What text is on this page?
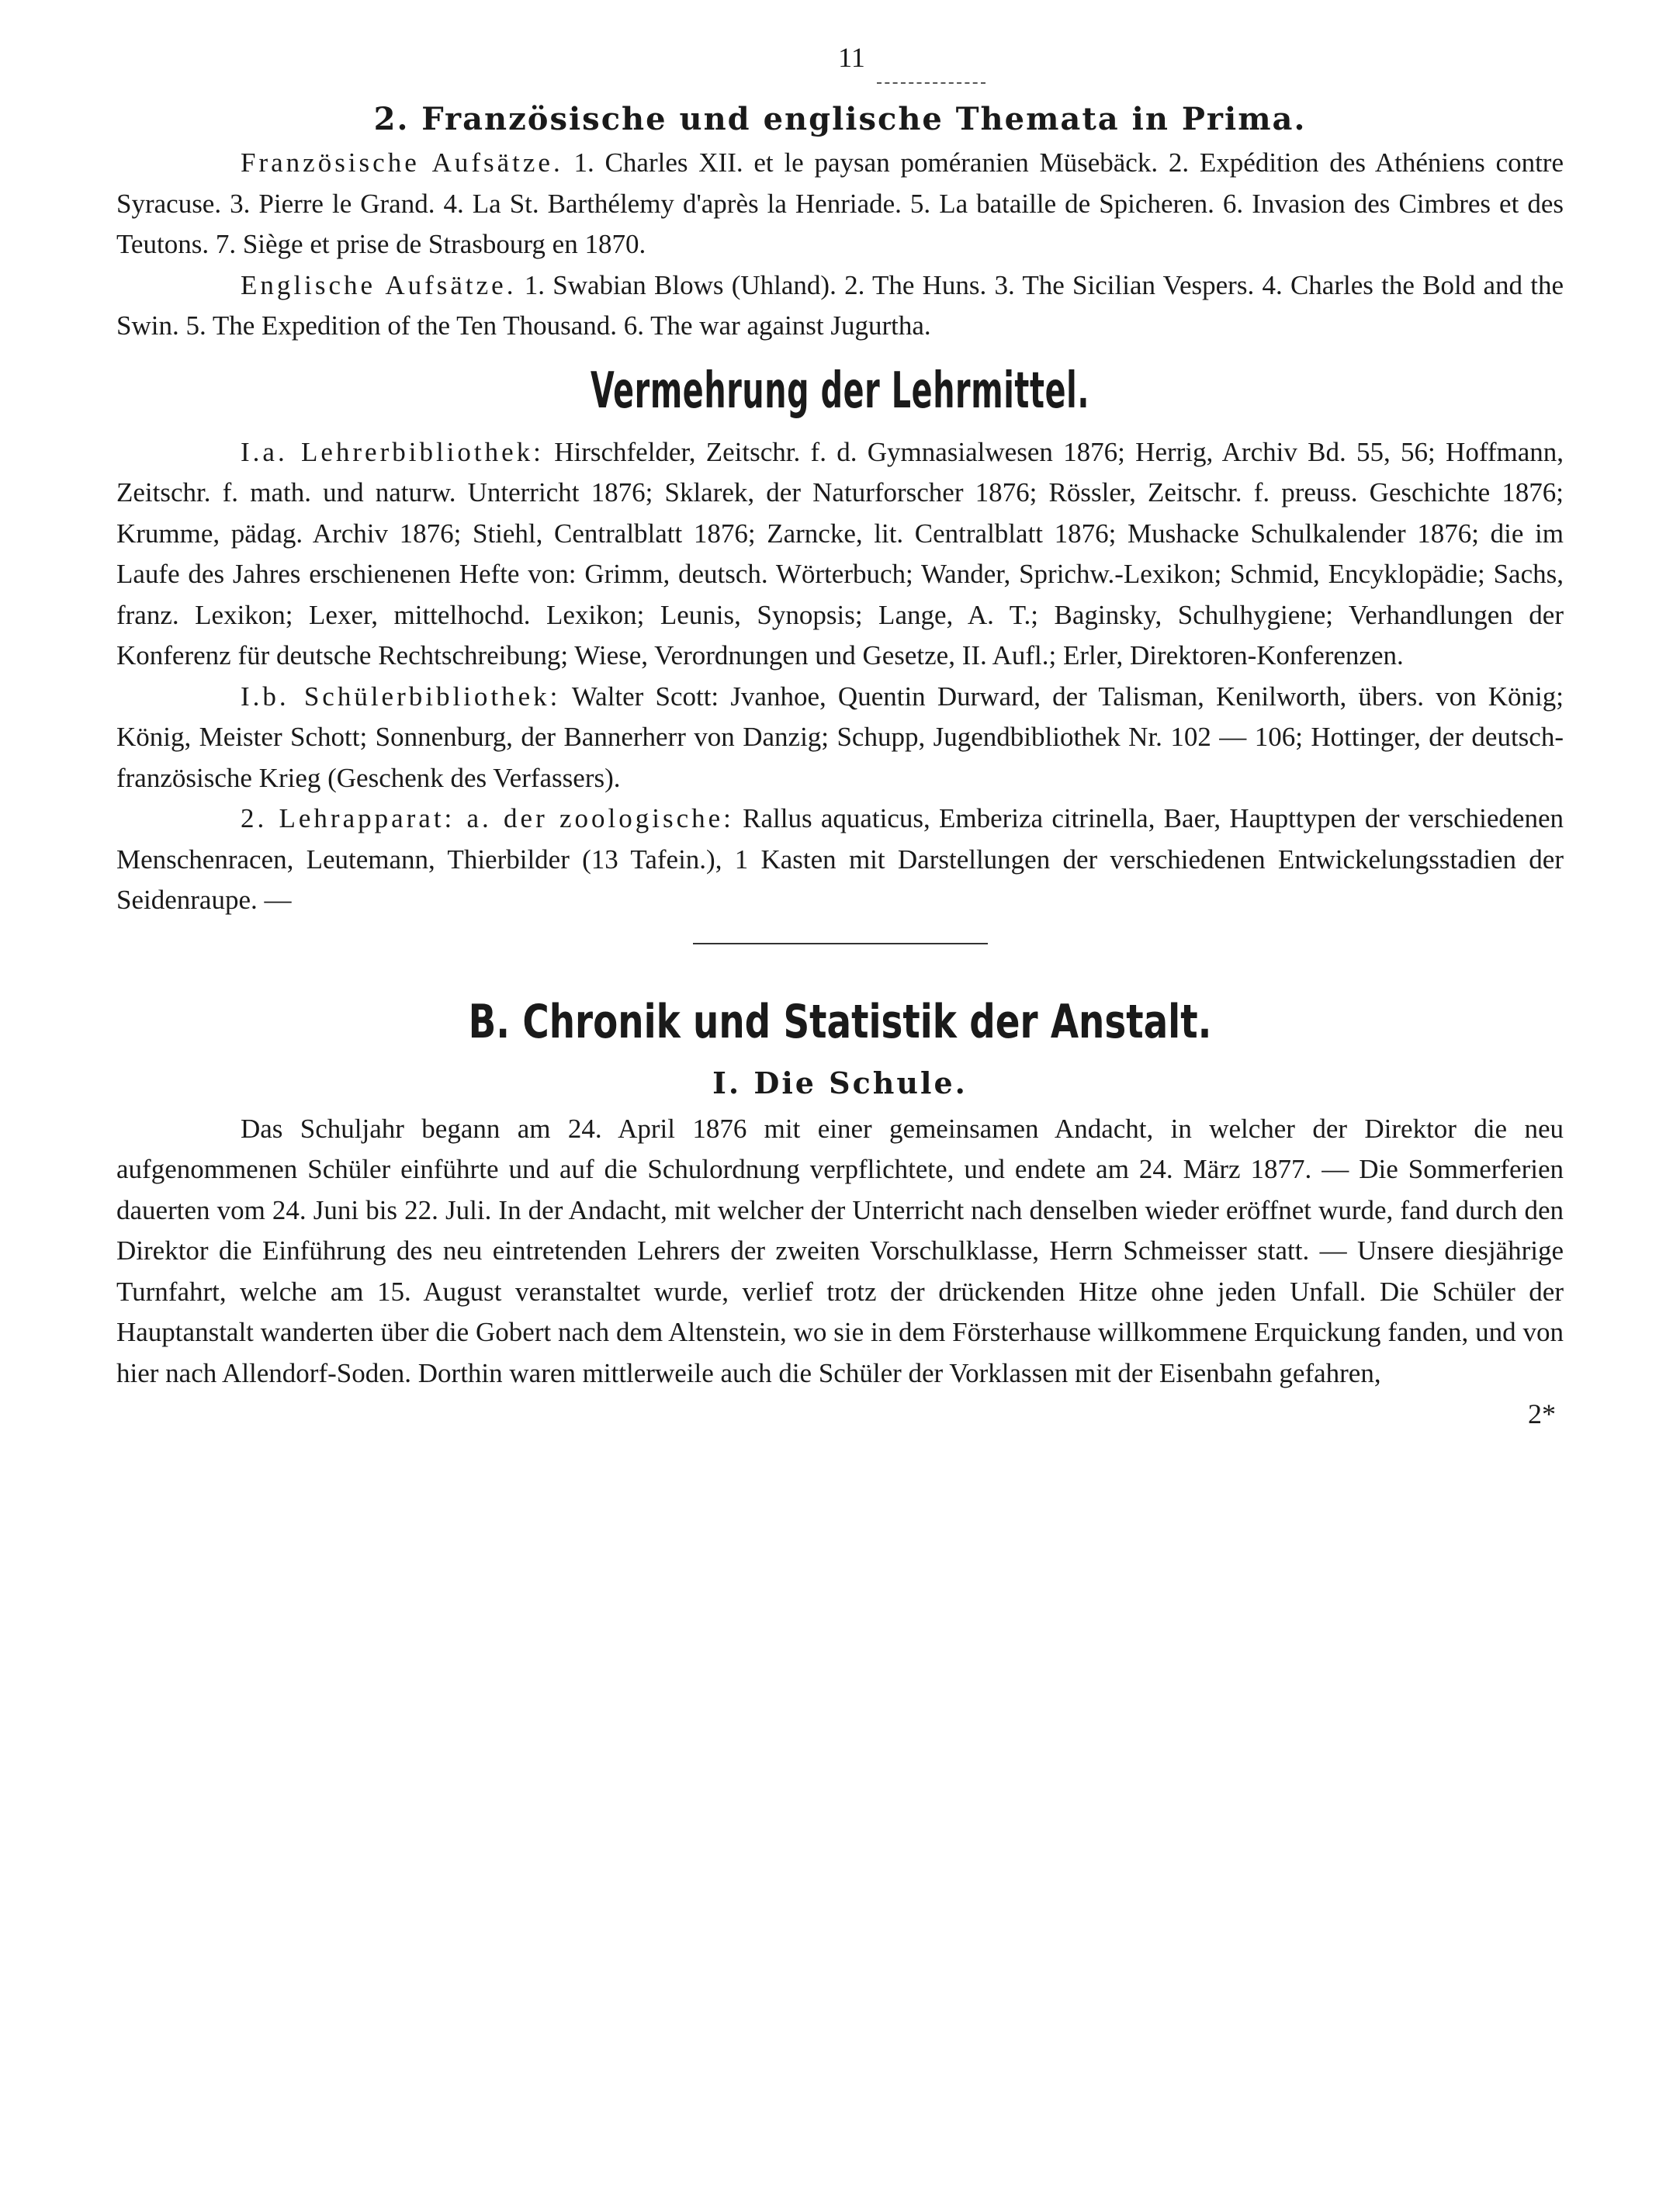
11
2. Französische und englische Themata in Prima.

Französische Aufsätze. 1. Charles XII. et le paysan poméranien Müsebäck. 2. Expédition des Athéniens contre Syracuse. 3. Pierre le Grand. 4. La St. Barthélemy d'après la Henriade. 5. La bataille de Spicheren. 6. Invasion des Cimbres et des Teutons. 7. Siège et prise de Strasbourg en 1870.

Englische Aufsätze. 1. Swabian Blows (Uhland). 2. The Huns. 3. The Sicilian Vespers. 4. Charles the Bold and the Swin. 5. The Expedition of the Ten Thousand. 6. The war against Jugurtha.

Vermehrung der Lehrmittel.

I.a. Lehrerbibliothek: Hirschfelder, Zeitschr. f. d. Gymnasialwesen 1876; Herrig, Archiv Bd. 55, 56; Hoffmann, Zeitschr. f. math. und naturw. Unterricht 1876; Sklarek, der Naturforscher 1876; Rössler, Zeitschr. f. preuss. Geschichte 1876; Krumme, pädag. Archiv 1876; Stiehl, Centralblatt 1876; Zarncke, lit. Centralblatt 1876; Mushacke Schulkalender 1876; die im Laufe des Jahres erschienenen Hefte von: Grimm, deutsch. Wörterbuch; Wander, Sprichw.-Lexikon; Schmid, Encyklopädie; Sachs, franz. Lexikon; Lexer, mittelhochd. Lexikon; Leunis, Synopsis; Lange, A. T.; Baginsky, Schulhygiene; Verhandlungen der Konferenz für deutsche Rechtschreibung; Wiese, Verordnungen und Gesetze, II. Aufl.; Erler, Direktoren-Konferenzen.

I.b. Schülerbibliothek: Walter Scott: Jvanhoe, Quentin Durward, der Talisman, Kenilworth, übers. von König; König, Meister Schott; Sonnenburg, der Bannerherr von Danzig; Schupp, Jugendbibliothek Nr. 102 — 106; Hottinger, der deutsch-französische Krieg (Geschenk des Verfassers).

2. Lehrapparat: a. der zoologische: Rallus aquaticus, Emberiza citrinella, Baer, Haupttypen der verschiedenen Menschenracen, Leutemann, Thierbilder (13 Tafein.), 1 Kasten mit Darstellungen der verschiedenen Entwickelungsstadien der Seidenraupe. —

B. Chronik und Statistik der Anstalt.
I. Die Schule.

Das Schuljahr begann am 24. April 1876 mit einer gemeinsamen Andacht, in welcher der Direktor die neu aufgenommenen Schüler einführte und auf die Schulordnung verpflichtete, und endete am 24. März 1877. — Die Sommerferien dauerten vom 24. Juni bis 22. Juli. In der Andacht, mit welcher der Unterricht nach denselben wieder eröffnet wurde, fand durch den Direktor die Einführung des neu eintretenden Lehrers der zweiten Vorschulklasse, Herrn Schmeisser statt. — Unsere diesjährige Turnfahrt, welche am 15. August veranstaltet wurde, verlief trotz der drückenden Hitze ohne jeden Unfall. Die Schüler der Hauptanstalt wanderten über die Gobert nach dem Altenstein, wo sie in dem Försterhause willkommene Erquickung fanden, und von hier nach Allendorf-Soden. Dorthin waren mittlerweile auch die Schüler der Vorklassen mit der Eisenbahn gefahren,

2*
